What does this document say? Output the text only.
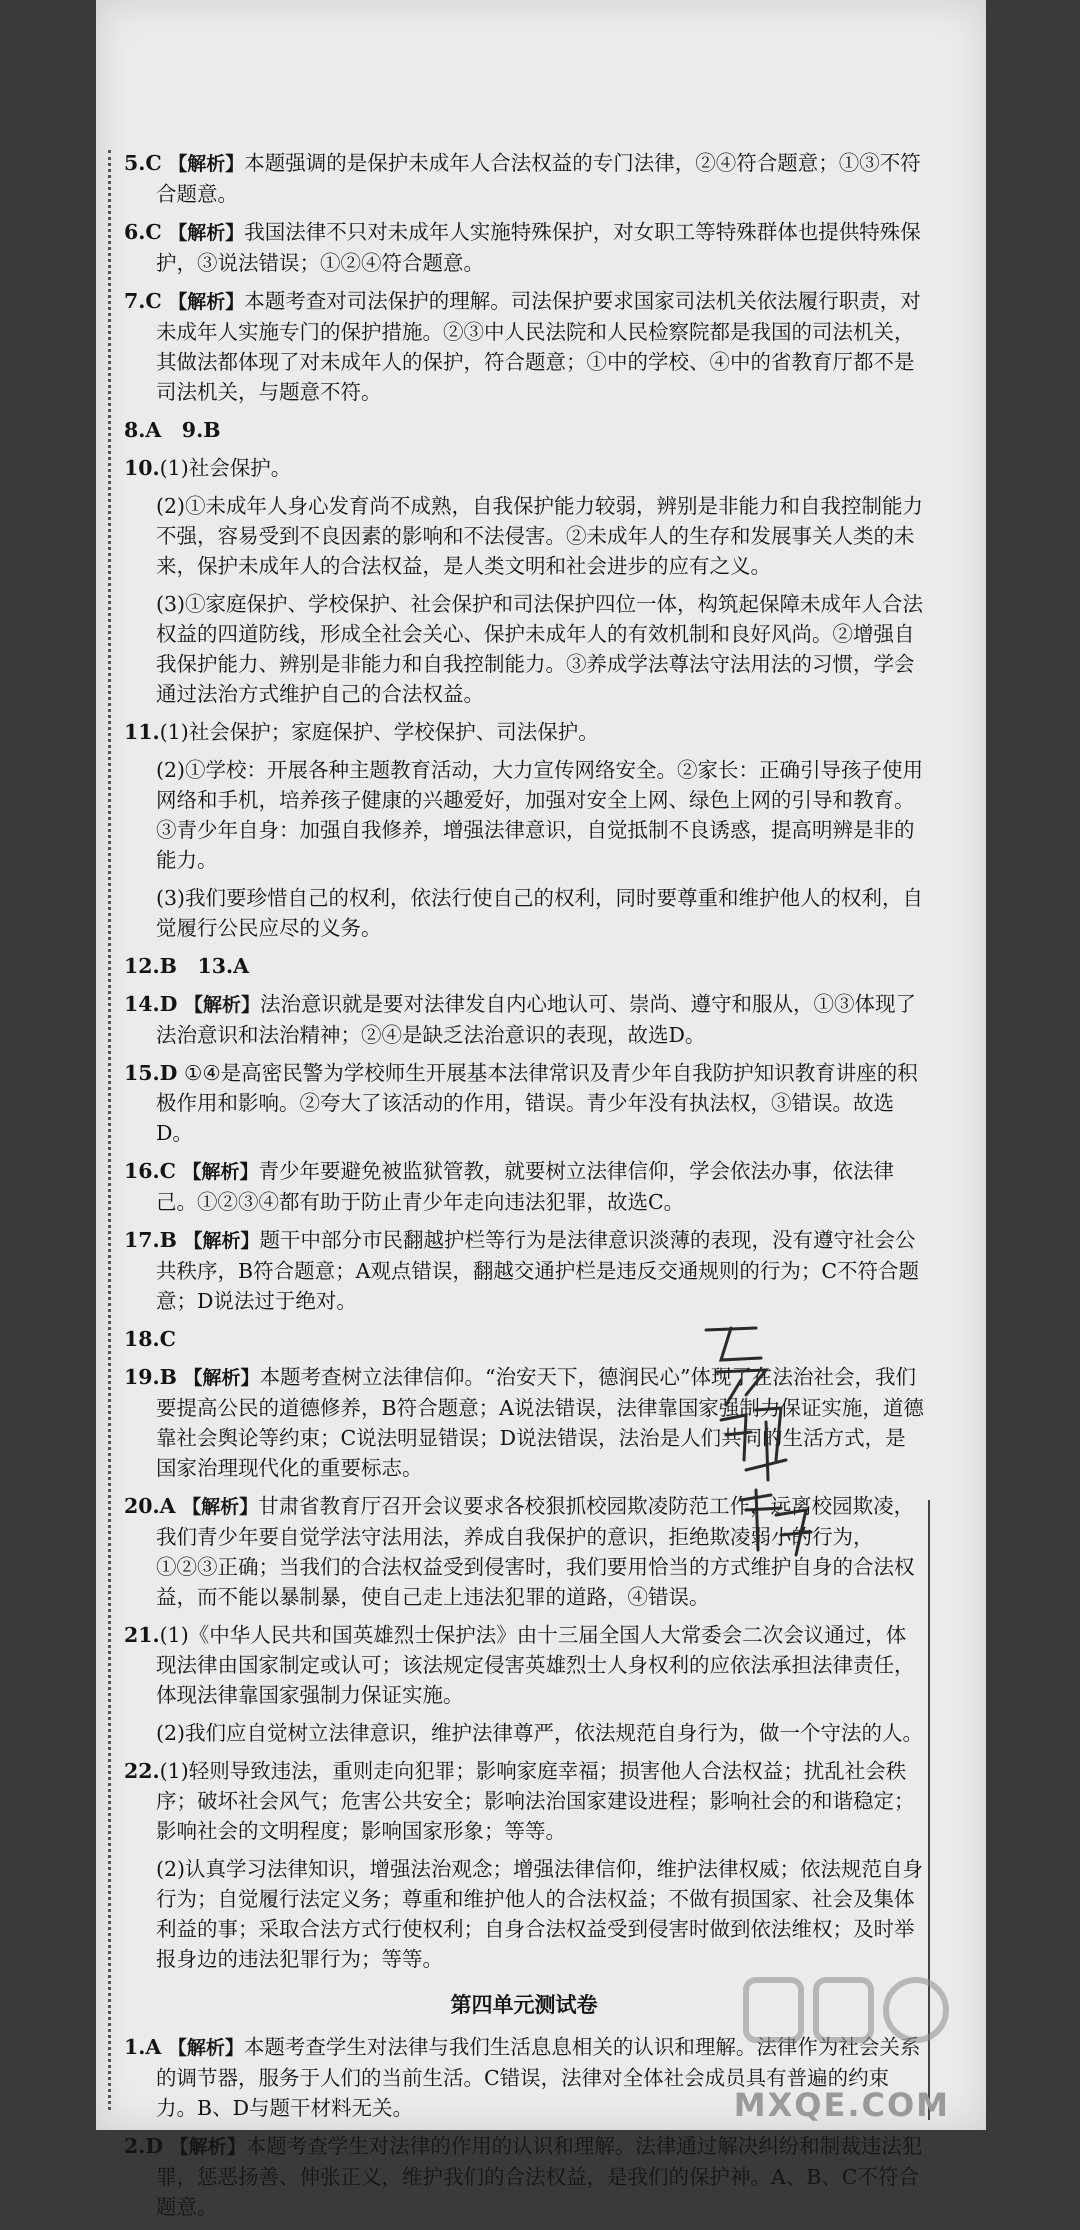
5.C 【解析】本题强调的是保护未成年人合法权益的专门法律，②④符合题意；①③不符合题意。
6.C 【解析】我国法律不只对未成年人实施特殊保护，对女职工等特殊群体也提供特殊保护，③说法错误；①②④符合题意。
7.C 【解析】本题考查对司法保护的理解。司法保护要求国家司法机关依法履行职责，对未成年人实施专门的保护措施。②③中人民法院和人民检察院都是我国的司法机关，其做法都体现了对未成年人的保护，符合题意；①中的学校、④中的省教育厅都不是司法机关，与题意不符。
8.A　9.B
10.(1)社会保护。

(2)①未成年人身心发育尚不成熟，自我保护能力较弱，辨别是非能力和自我控制能力不强，容易受到不良因素的影响和不法侵害。②未成年人的生存和发展事关人类的未来，保护未成年人的合法权益，是人类文明和社会进步的应有之义。

(3)①家庭保护、学校保护、社会保护和司法保护四位一体，构筑起保障未成年人合法权益的四道防线，形成全社会关心、保护未成年人的有效机制和良好风尚。②增强自我保护能力、辨别是非能力和自我控制能力。③养成学法尊法守法用法的习惯，学会通过法治方式维护自己的合法权益。

11.(1)社会保护；家庭保护、学校保护、司法保护。

(2)①学校：开展各种主题教育活动，大力宣传网络安全。②家长：正确引导孩子使用网络和手机，培养孩子健康的兴趣爱好，加强对安全上网、绿色上网的引导和教育。③青少年自身：加强自我修养，增强法律意识，自觉抵制不良诱惑，提高明辨是非的能力。

(3)我们要珍惜自己的权利，依法行使自己的权利，同时要尊重和维护他人的权利，自觉履行公民应尽的义务。

12.B　13.A
14.D 【解析】法治意识就是要对法律发自内心地认可、崇尚、遵守和服从，①③体现了法治意识和法治精神；②④是缺乏法治意识的表现，故选D。
15.D ①④是高密民警为学校师生开展基本法律常识及青少年自我防护知识教育讲座的积极作用和影响。②夸大了该活动的作用，错误。青少年没有执法权，③错误。故选D。
16.C 【解析】青少年要避免被监狱管教，就要树立法律信仰，学会依法办事，依法律己。①②③④都有助于防止青少年走向违法犯罪，故选C。
17.B 【解析】题干中部分市民翻越护栏等行为是法律意识淡薄的表现，没有遵守社会公共秩序，B符合题意；A观点错误，翻越交通护栏是违反交通规则的行为；C不符合题意；D说法过于绝对。
18.C
19.B 【解析】本题考查树立法律信仰。“治安天下，德润民心”体现了在法治社会，我们要提高公民的道德修养，B符合题意；A说法错误，法律靠国家强制力保证实施，道德靠社会舆论等约束；C说法明显错误；D说法错误，法治是人们共同的生活方式，是国家治理现代化的重要标志。
20.A 【解析】甘肃省教育厅召开会议要求各校狠抓校园欺凌防范工作，远离校园欺凌，我们青少年要自觉学法守法用法，养成自我保护的意识，拒绝欺凌弱小的行为，①②③正确；当我们的合法权益受到侵害时，我们要用恰当的方式维护自身的合法权益，而不能以暴制暴，使自己走上违法犯罪的道路，④错误。
21.(1)《中华人民共和国英雄烈士保护法》由十三届全国人大常委会二次会议通过，体现法律由国家制定或认可；该法规定侵害英雄烈士人身权利的应依法承担法律责任，体现法律靠国家强制力保证实施。

(2)我们应自觉树立法律意识，维护法律尊严，依法规范自身行为，做一个守法的人。

22.(1)轻则导致违法，重则走向犯罪；影响家庭幸福；损害他人合法权益；扰乱社会秩序；破坏社会风气；危害公共安全；影响法治国家建设进程；影响社会的和谐稳定；影响社会的文明程度；影响国家形象；等等。

(2)认真学习法律知识，增强法治观念；增强法律信仰，维护法律权威；依法规范自身行为；自觉履行法定义务；尊重和维护他人的合法权益；不做有损国家、社会及集体利益的事；采取合法方式行使权利；自身合法权益受到侵害时做到依法维权；及时举报身边的违法犯罪行为；等等。

第四单元测试卷
1.A 【解析】本题考查学生对法律与我们生活息息相关的认识和理解。法律作为社会关系的调节器，服务于人们的当前生活。C错误，法律对全体社会成员具有普遍的约束力。B、D与题干材料无关。
2.D 【解析】本题考查学生对法律的作用的认识和理解。法律通过解决纠纷和制裁违法犯罪，惩恶扬善、伸张正义，维护我们的合法权益，是我们的保护神。A、B、C不符合题意。
MXQE.COM
